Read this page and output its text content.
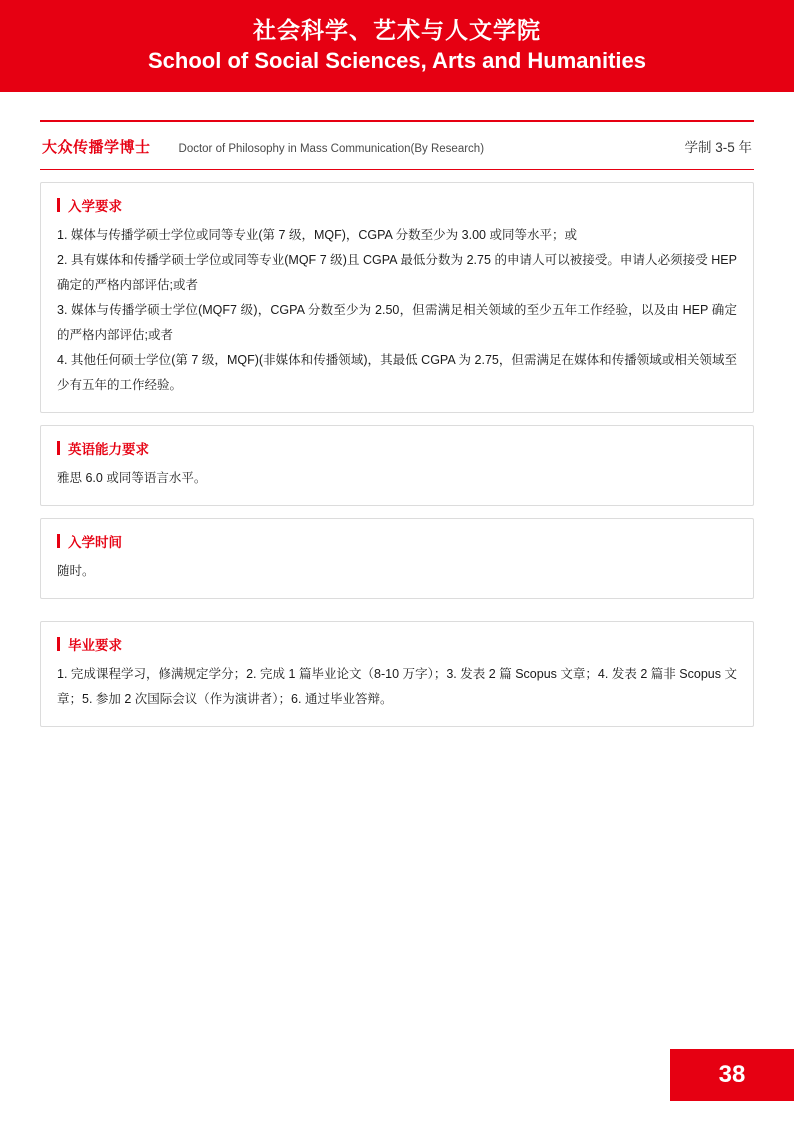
社会科学、艺术与人文学院
School of Social Sciences, Arts and Humanities
大众传播学博士 Doctor of Philosophy in Mass Communication(By Research)	学制 3-5 年
入学要求

1. 媒体与传播学硕士学位或同等专业(第 7 级，MQF)，CGPA 分数至少为 3.00 或同等水平；或

2. 具有媒体和传播学硕士学位或同等专业(MQF 7 级)且 CGPA 最低分数为 2.75 的申请人可以被接受。申请人必须接受 HEP 确定的严格内部评估;或者

3. 媒体与传播学硕士学位(MQF7 级)，CGPA 分数至少为 2.50，但需满足相关领域的至少五年工作经验，以及由 HEP 确定的严格内部评估;或者

4. 其他任何硕士学位(第 7 级，MQF)(非媒体和传播领域)，其最低 CGPA 为 2.75，但需满足在媒体和传播领域或相关领域至少有五年的工作经验。

英语能力要求

雅思 6.0 或同等语言水平。

入学时间

随时。

毕业要求

1. 完成课程学习，修满规定学分；2. 完成 1 篇毕业论文（8-10 万字）；3. 发表 2 篇 Scopus 文章；4. 发表 2 篇非 Scopus 文章；5. 参加 2 次国际会议（作为演讲者）；6. 通过毕业答辩。

38
